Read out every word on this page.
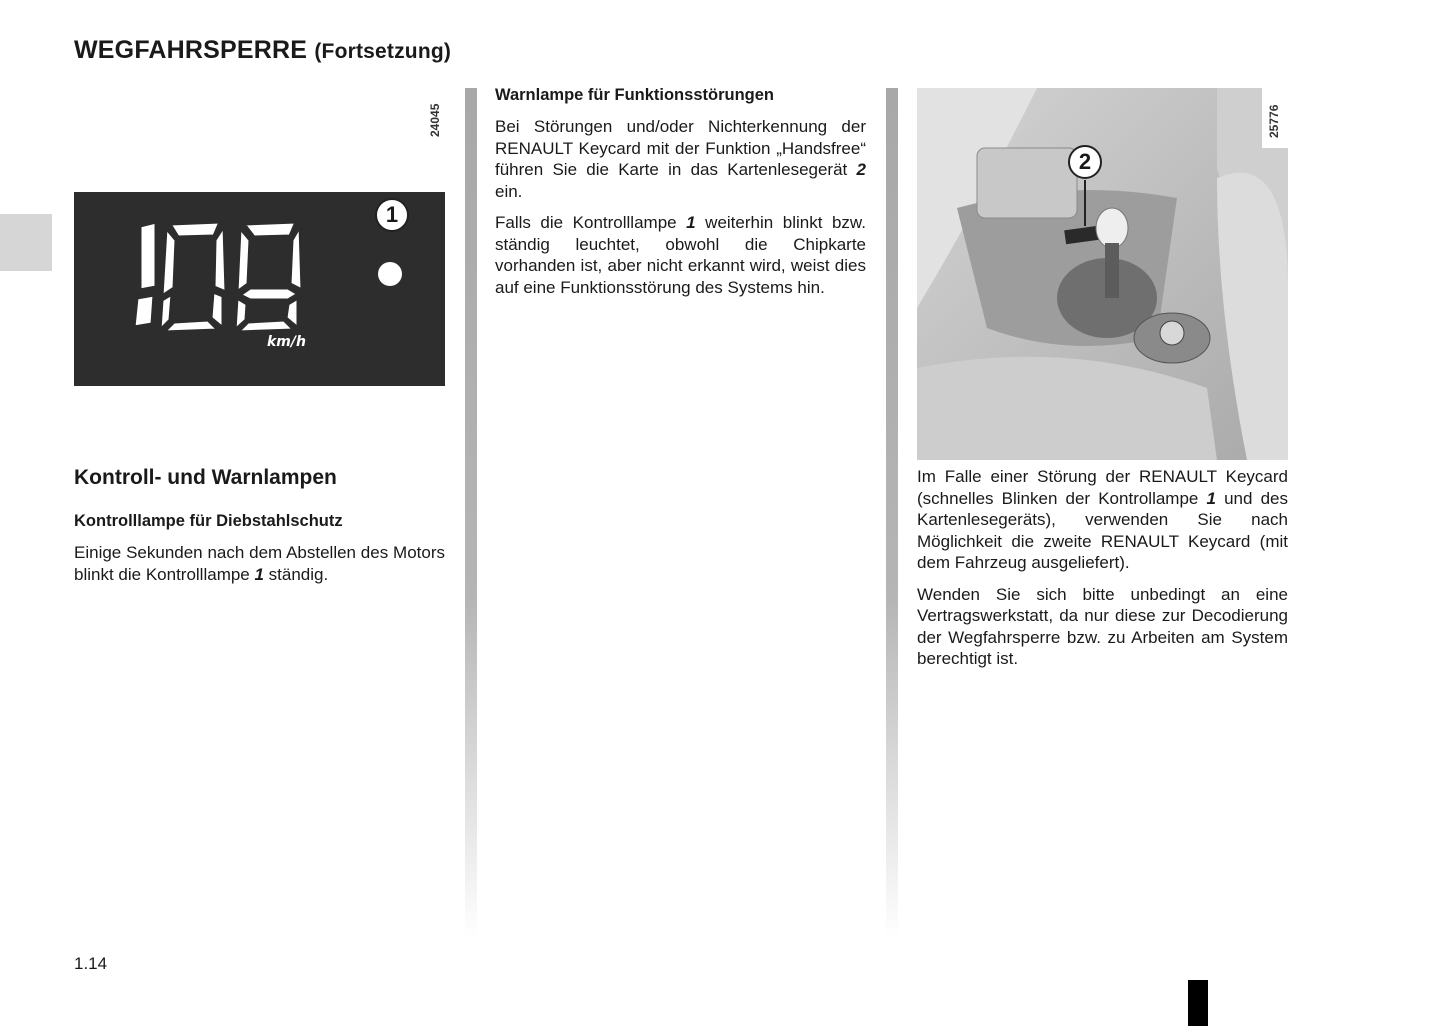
WEGFAHRSPERRE (Fortsetzung)
24045
km/h
1
Kontroll- und Warnlampen
Kontrolllampe für Diebstahlschutz

Einige Sekunden nach dem Abstellen des Motors blinkt die Kontrolllampe 1 ständig.

Warnlampe für Funktionsstörungen

Bei Störungen und/oder Nichterkennung der RENAULT Keycard mit der Funktion „Handsfree“ führen Sie die Karte in das Kartenlesegerät 2 ein.

Falls die Kontrolllampe 1 weiterhin blinkt bzw. ständig leuchtet, obwohl die Chipkarte vorhanden ist, aber nicht erkannt wird, weist dies auf eine Funktionsstörung des Systems hin.

2
25776

Im Falle einer Störung der RENAULT Keycard (schnelles Blinken der Kontrollampe 1 und des Kartenlesegeräts), verwenden Sie nach Möglichkeit die zweite RENAULT Keycard (mit dem Fahrzeug ausgeliefert).

Wenden Sie sich bitte unbedingt an eine Vertragswerkstatt, da nur diese zur Decodierung der Wegfahrsperre bzw. zu Arbeiten am System berechtigt ist.

1.14
